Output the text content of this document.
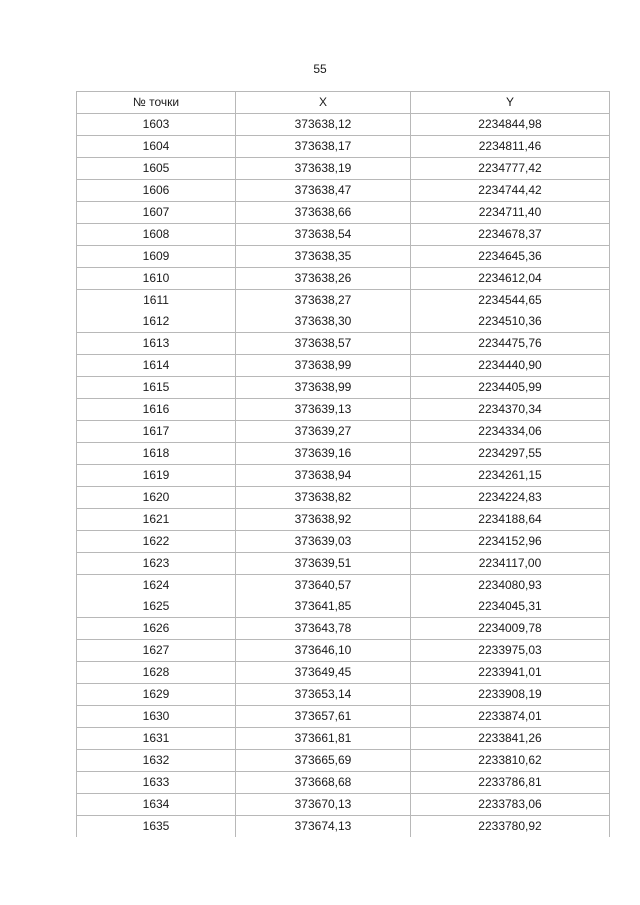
55
№ точки	X	Y
1603	373638,12	2234844,98
1604	373638,17	2234811,46
1605	373638,19	2234777,42
1606	373638,47	2234744,42
1607	373638,66	2234711,40
1608	373638,54	2234678,37
1609	373638,35	2234645,36
1610	373638,26	2234612,04
1611	373638,27	2234544,65
1612	373638,30	2234510,36
1613	373638,57	2234475,76
1614	373638,99	2234440,90
1615	373638,99	2234405,99
1616	373639,13	2234370,34
1617	373639,27	2234334,06
1618	373639,16	2234297,55
1619	373638,94	2234261,15
1620	373638,82	2234224,83
1621	373638,92	2234188,64
1622	373639,03	2234152,96
1623	373639,51	2234117,00
1624	373640,57	2234080,93
1625	373641,85	2234045,31
1626	373643,78	2234009,78
1627	373646,10	2233975,03
1628	373649,45	2233941,01
1629	373653,14	2233908,19
1630	373657,61	2233874,01
1631	373661,81	2233841,26
1632	373665,69	2233810,62
1633	373668,68	2233786,81
1634	373670,13	2233783,06
1635	373674,13	2233780,92
